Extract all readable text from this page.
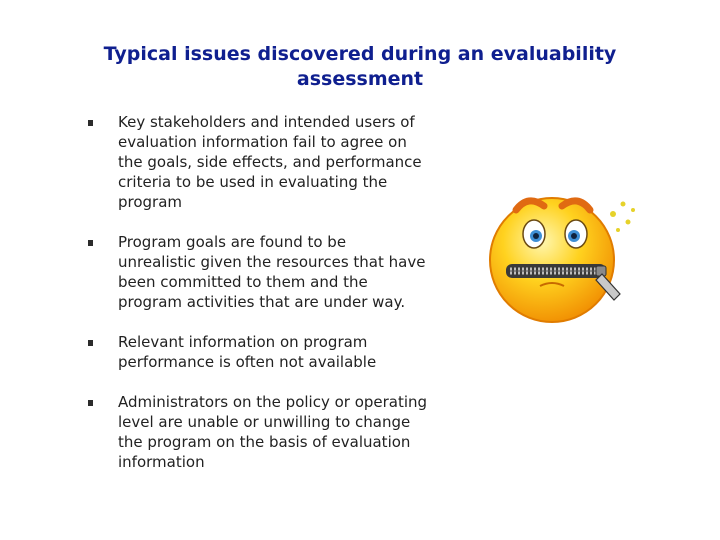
Typical issues discovered during an evaluability assessment
Key stakeholders and intended users of evaluation information fail to agree on the goals, side effects, and performance criteria to be used in evaluating the program
Program goals are found to be unrealistic given the resources that have been committed to them and the program activities that are under way.
Relevant information on program performance is often not available
Administrators on the policy or operating level are unable or unwilling to change the program on the basis of evaluation information
